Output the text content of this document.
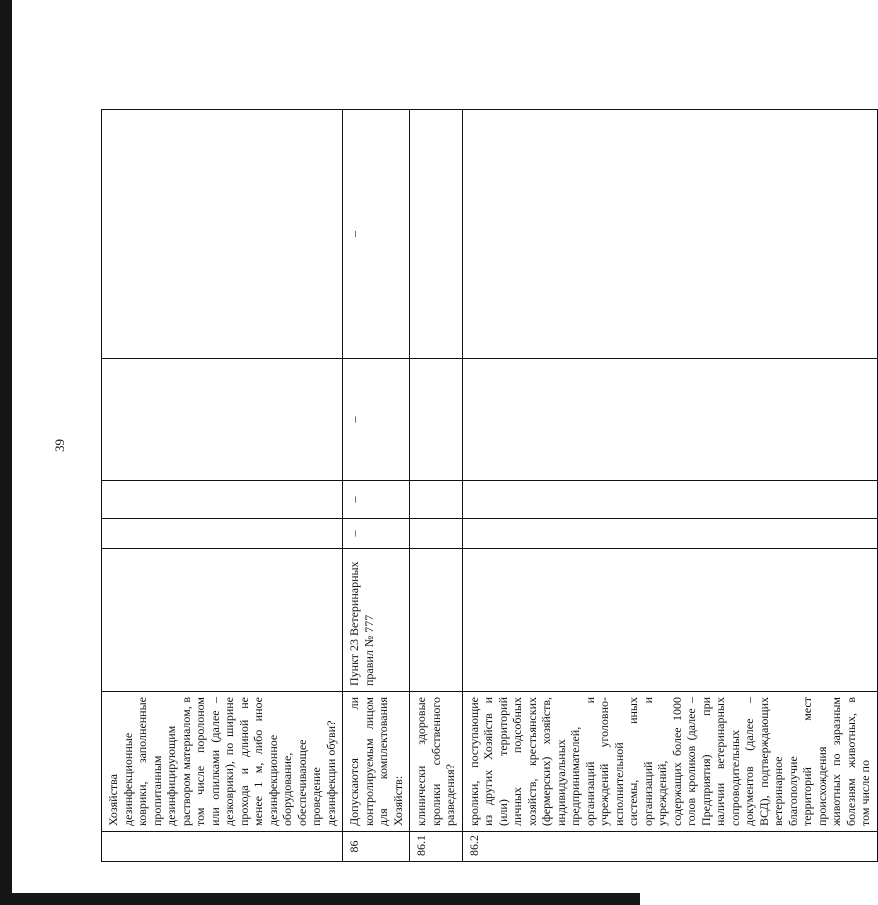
39
	Хозяйства дезинфекционные коврики, заполненные пропитанным дезинфицирующим раствором материалом, в том числе поролоном или опилками (далее – дезковрики), по ширине прохода и длиной не менее 1 м, либо иное дезинфекционное оборудование, обеспечивающее проведение дезинфекции обуви?					
86	Допускаются ли контролируемым лицом для комплектования Хозяйств:	Пункт 23 Ветеринарных правил № 777	–	–	–	–
86.1	клинически здоровые кролики собственного разведения?					
86.2	кролики, поступающие из других Хозяйств и (или) территорий личных подсобных хозяйств, крестьянских (фермерских) хозяйств, индивидуальных предпринимателей, организаций и учреждений уголовно-исполнительной системы, иных организаций и учреждений, содержащих более 1000 голов кроликов (далее – Предприятия) при наличии ветеринарных сопроводительных документов (далее – ВСД), подтверждающих ветеринарное благополучие территорий мест происхождения животных по заразным болезням животных, в том числе по					
